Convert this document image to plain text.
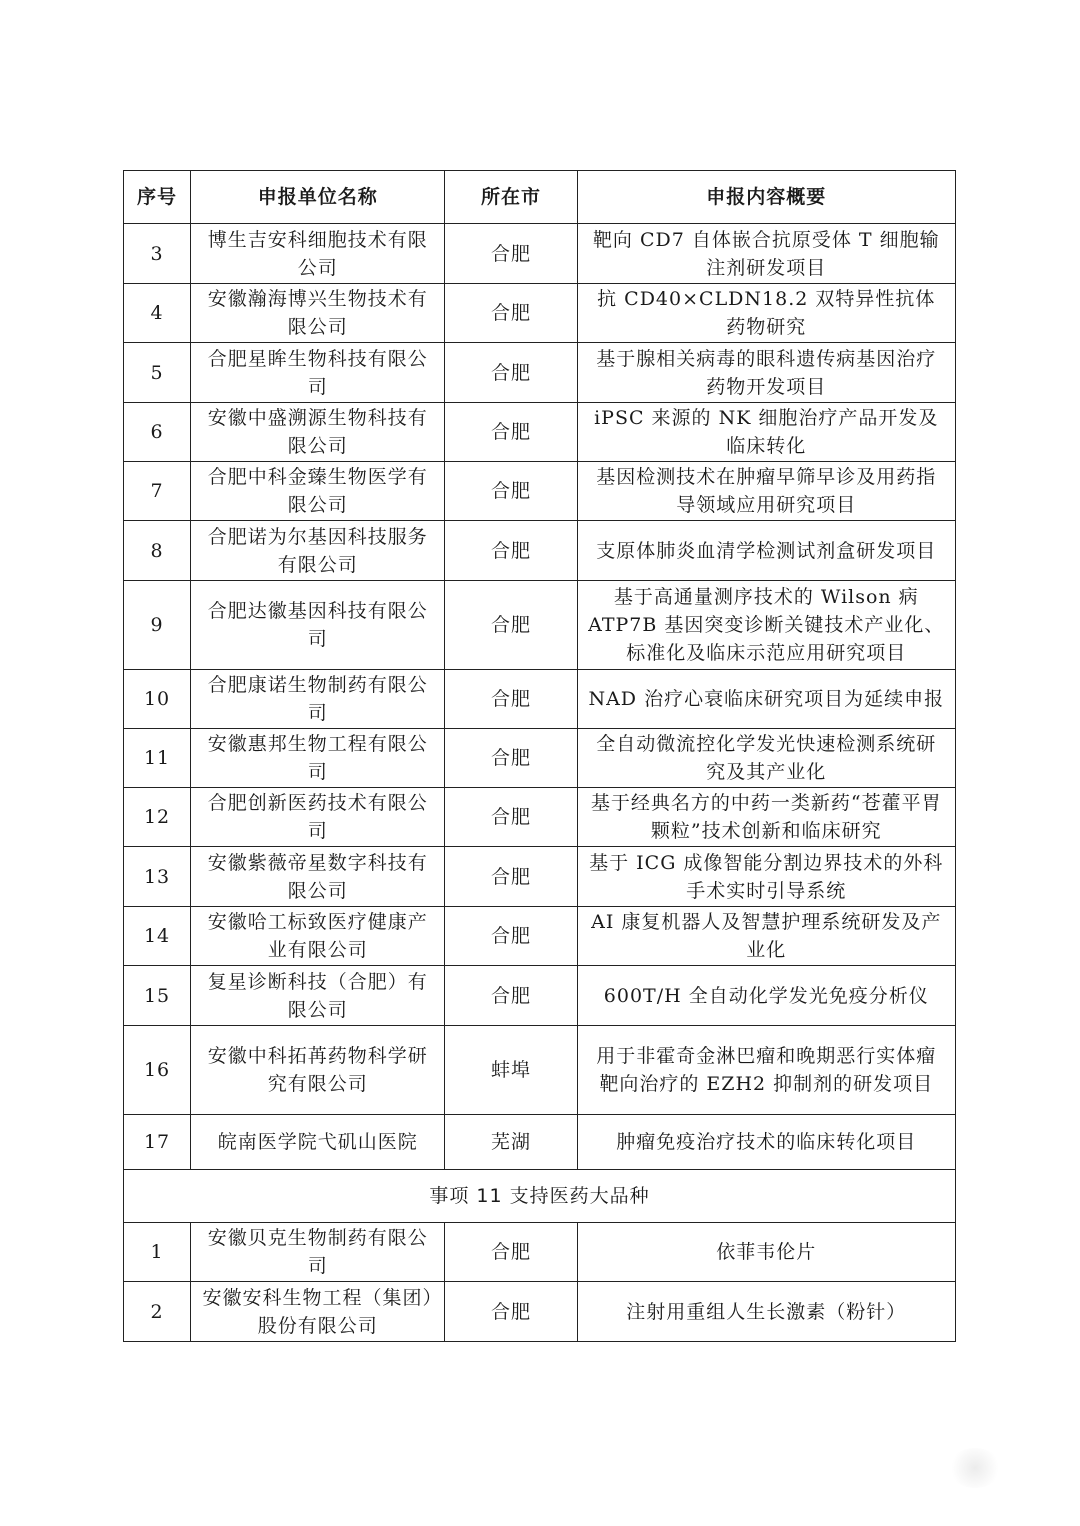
序号	申报单位名称	所在市	申报内容概要
3	博生吉安科细胞技术有限公司	合肥	靶向 CD7 自体嵌合抗原受体 T 细胞输注剂研发项目
4	安徽瀚海博兴生物技术有限公司	合肥	抗 CD40×CLDN18.2 双特异性抗体药物研究
5	合肥星眸生物科技有限公司	合肥	基于腺相关病毒的眼科遗传病基因治疗药物开发项目
6	安徽中盛溯源生物科技有限公司	合肥	iPSC 来源的 NK 细胞治疗产品开发及临床转化
7	合肥中科金臻生物医学有限公司	合肥	基因检测技术在肿瘤早筛早诊及用药指导领域应用研究项目
8	合肥诺为尔基因科技服务有限公司	合肥	支原体肺炎血清学检测试剂盒研发项目
9	合肥达徽基因科技有限公司	合肥	基于高通量测序技术的 Wilson 病 ATP7B 基因突变诊断关键技术产业化、标准化及临床示范应用研究项目
10	合肥康诺生物制药有限公司	合肥	NAD 治疗心衰临床研究项目为延续申报
11	安徽惠邦生物工程有限公司	合肥	全自动微流控化学发光快速检测系统研究及其产业化
12	合肥创新医药技术有限公司	合肥	基于经典名方的中药一类新药“苍藿平胃颗粒”技术创新和临床研究
13	安徽紫薇帝星数字科技有限公司	合肥	基于 ICG 成像智能分割边界技术的外科手术实时引导系统
14	安徽哈工标致医疗健康产业有限公司	合肥	AI 康复机器人及智慧护理系统研发及产业化
15	复星诊断科技（合肥）有限公司	合肥	600T/H 全自动化学发光免疫分析仪
16	安徽中科拓苒药物科学研究有限公司	蚌埠	用于非霍奇金淋巴瘤和晚期恶行实体瘤靶向治疗的 EZH2 抑制剂的研发项目
17	皖南医学院弋矶山医院	芜湖	肿瘤免疫治疗技术的临床转化项目
事项 11 支持医药大品种			
1	安徽贝克生物制药有限公司	合肥	依菲韦伦片
2	安徽安科生物工程（集团）股份有限公司	合肥	注射用重组人生长激素（粉针）
